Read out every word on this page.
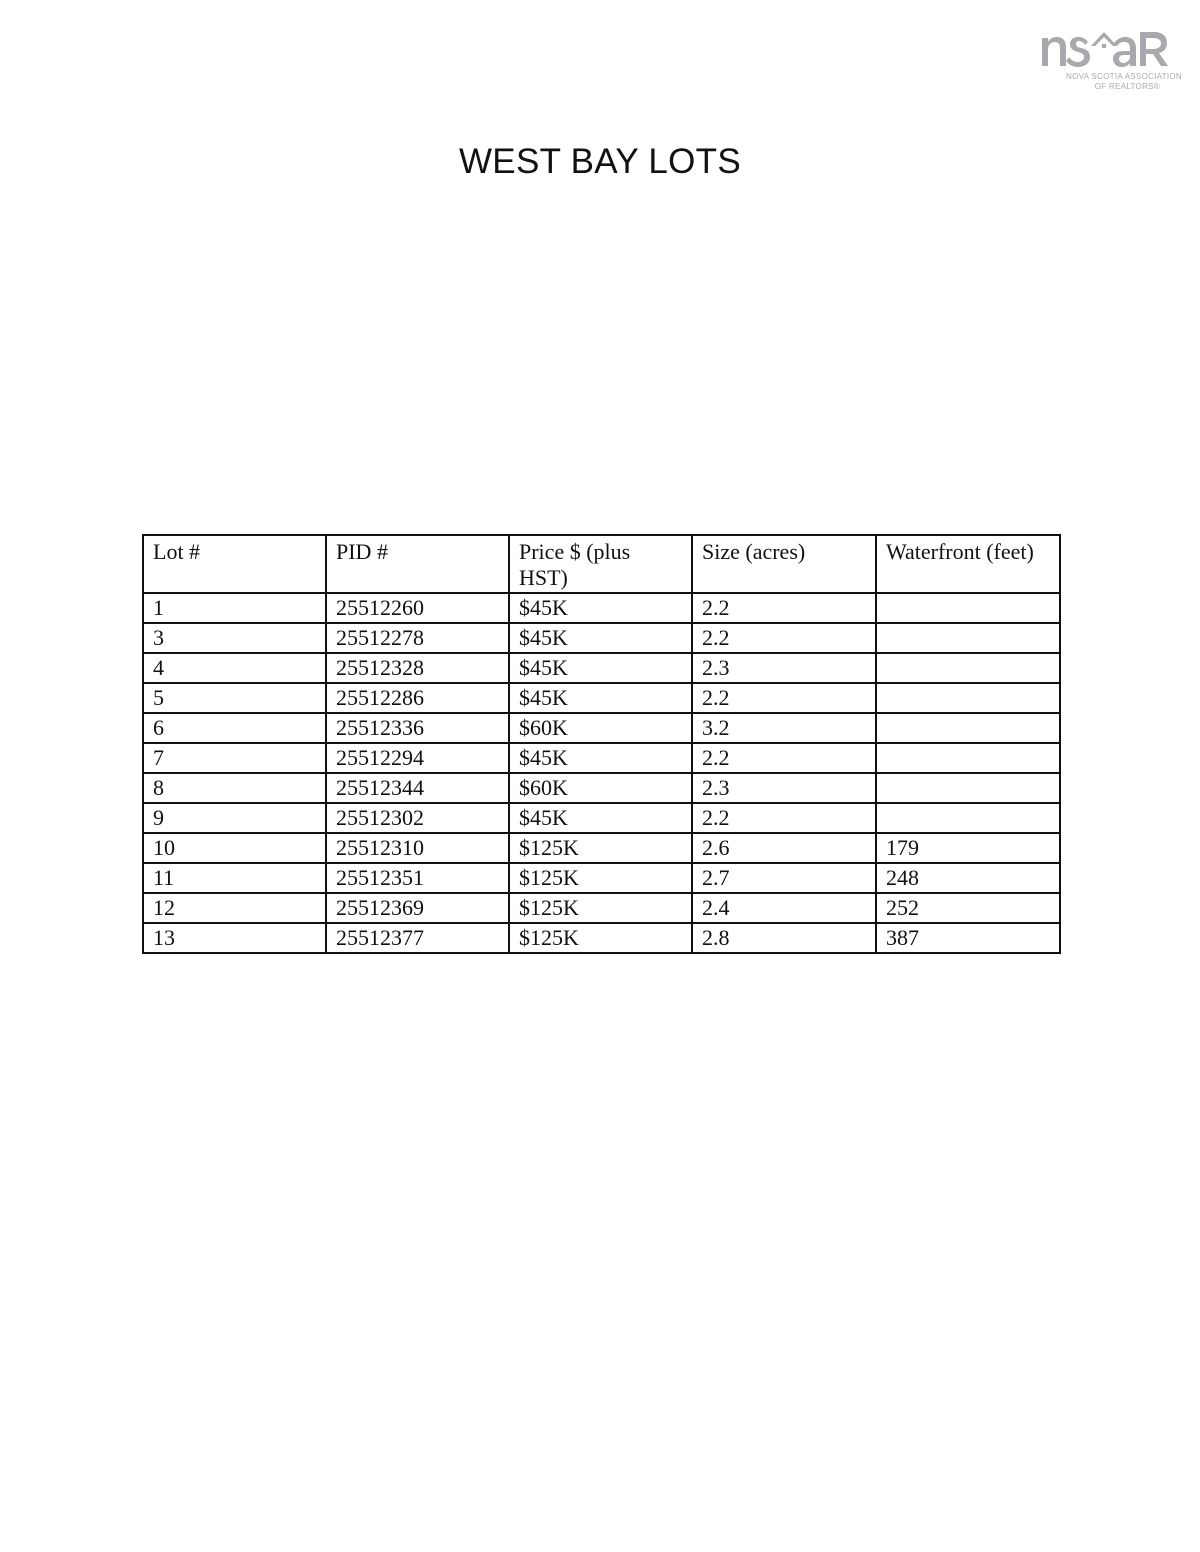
NOVA SCOTIA ASSOCIATION
OF REALTORS®
WEST BAY LOTS
Lot #	PID #	Price $ (plus HST)	Size (acres)	Waterfront (feet)
1	25512260	$45K	2.2	
3	25512278	$45K	2.2	
4	25512328	$45K	2.3	
5	25512286	$45K	2.2	
6	25512336	$60K	3.2	
7	25512294	$45K	2.2	
8	25512344	$60K	2.3	
9	25512302	$45K	2.2	
10	25512310	$125K	2.6	179
11	25512351	$125K	2.7	248
12	25512369	$125K	2.4	252
13	25512377	$125K	2.8	387
